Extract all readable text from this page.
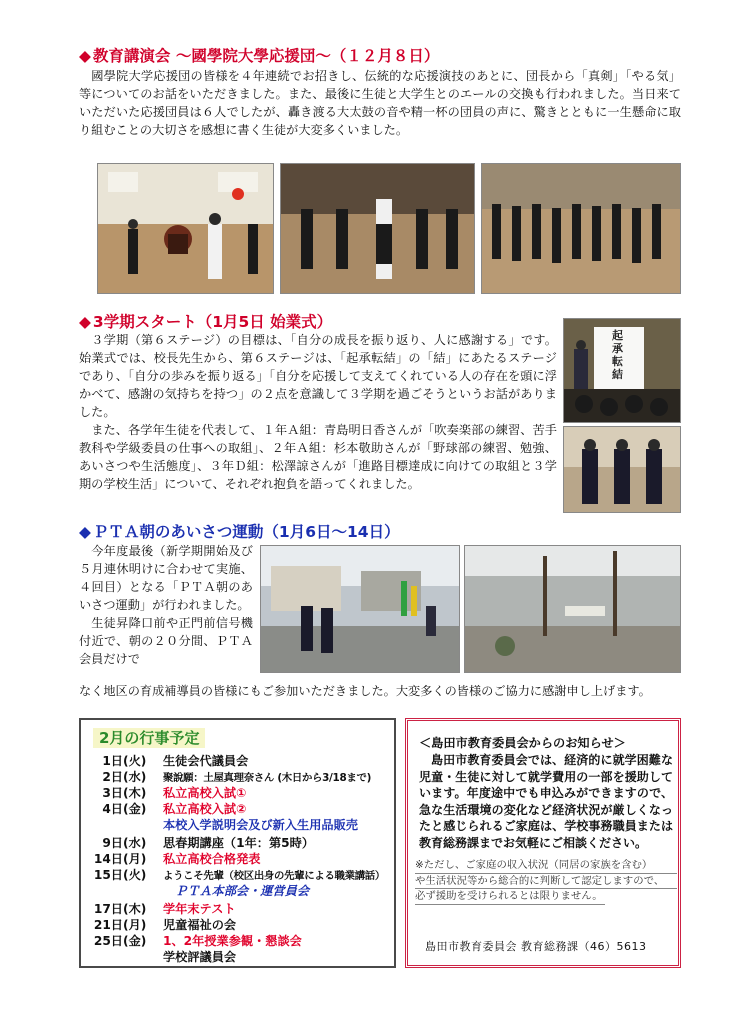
◆ 教育講演会 ～國學院大學応援団～（１２月８日）

國學院大学応援団の皆様を４年連続でお招きし、伝統的な応援演技のあとに、団長から「真剣」「やる気」等についてのお話をいただきました。また、最後に生徒と大学生とのエールの交換も行われました。当日来ていただいた応援団員は６人でしたが、轟き渡る大太鼓の音や精一杯の団員の声に、驚きとともに一生懸命に取り組むことの大切さを感想に書く生徒が大変多くいました。

◆ 3学期スタート（1月5日 始業式）

３学期（第６ステージ）の目標は、「自分の成長を振り返り、人に感謝する」です。始業式では、校長先生から、第６ステージは、「起承転結」の「結」にあたるステージであり、「自分の歩みを振り返る」「自分を応援して支えてくれている人の存在を頭に浮かべて、感謝の気持ちを持つ」の２点を意識して３学期を過ごそうというお話がありました。

また、各学年生徒を代表して、１年Ａ組：青島明日香さんが「吹奏楽部の練習、苦手教科や学級委員の仕事への取組」、２年Ａ組：杉本敬助さんが「野球部の練習、勉強、あいさつや生活態度」、３年Ｄ組：松澤諒さんが「進路目標達成に向けての取組と３学期の学校生活」について、それぞれ抱負を語ってくれました。

起承転結
◆ ＰＴＡ朝のあいさつ運動（1月6日～14日）

今年度最後（新学期開始及び５月連休明けに合わせて実施、４回目）となる「ＰＴＡ朝のあいさつ運動」が行われました。

生徒昇降口前や正門前信号機付近で、朝の２０分間、ＰＴＡ会員だけで

なく地区の育成補導員の皆様にもご参加いただきました。大変多くの皆様のご協力に感謝申し上げます。
2月の行事予定
1日(火) 生徒会代議員会
2日(水) 聚說願：土屋真理奈さん (木日から3/18まで)
3日(木) 私立高校入試①
4日(金) 私立高校入試②
本校入学説明会及び新入生用品販売
9日(水) 思春期講座（1年：第5時）
14日(月) 私立高校合格発表
15日(火) ようこそ先輩（校区出身の先輩による職業講話）
ＰＴＡ本部会・運営員会
17日(木) 学年末テスト
21日(月) 児童福祉の会
25日(金) 1、2年授業参観・懇談会
学校評議員会
＜島田市教育委員会からのお知らせ＞

島田市教育委員会では、経済的に就学困難な児童・生徒に対して就学費用の一部を援助しています。年度途中でも申込みができますので、急な生活環境の変化など経済状況が厳しくなったと感じられるご家庭は、学校事務職員または教育総務課までお気軽にご相談ください。

※ただし、ご家庭の収入状況（同居の家族を含む）
や生活状況等から総合的に判断して認定しますので、
必ず援助を受けられるとは限りません。
島田市教育委員会 教育総務課（46）5613
